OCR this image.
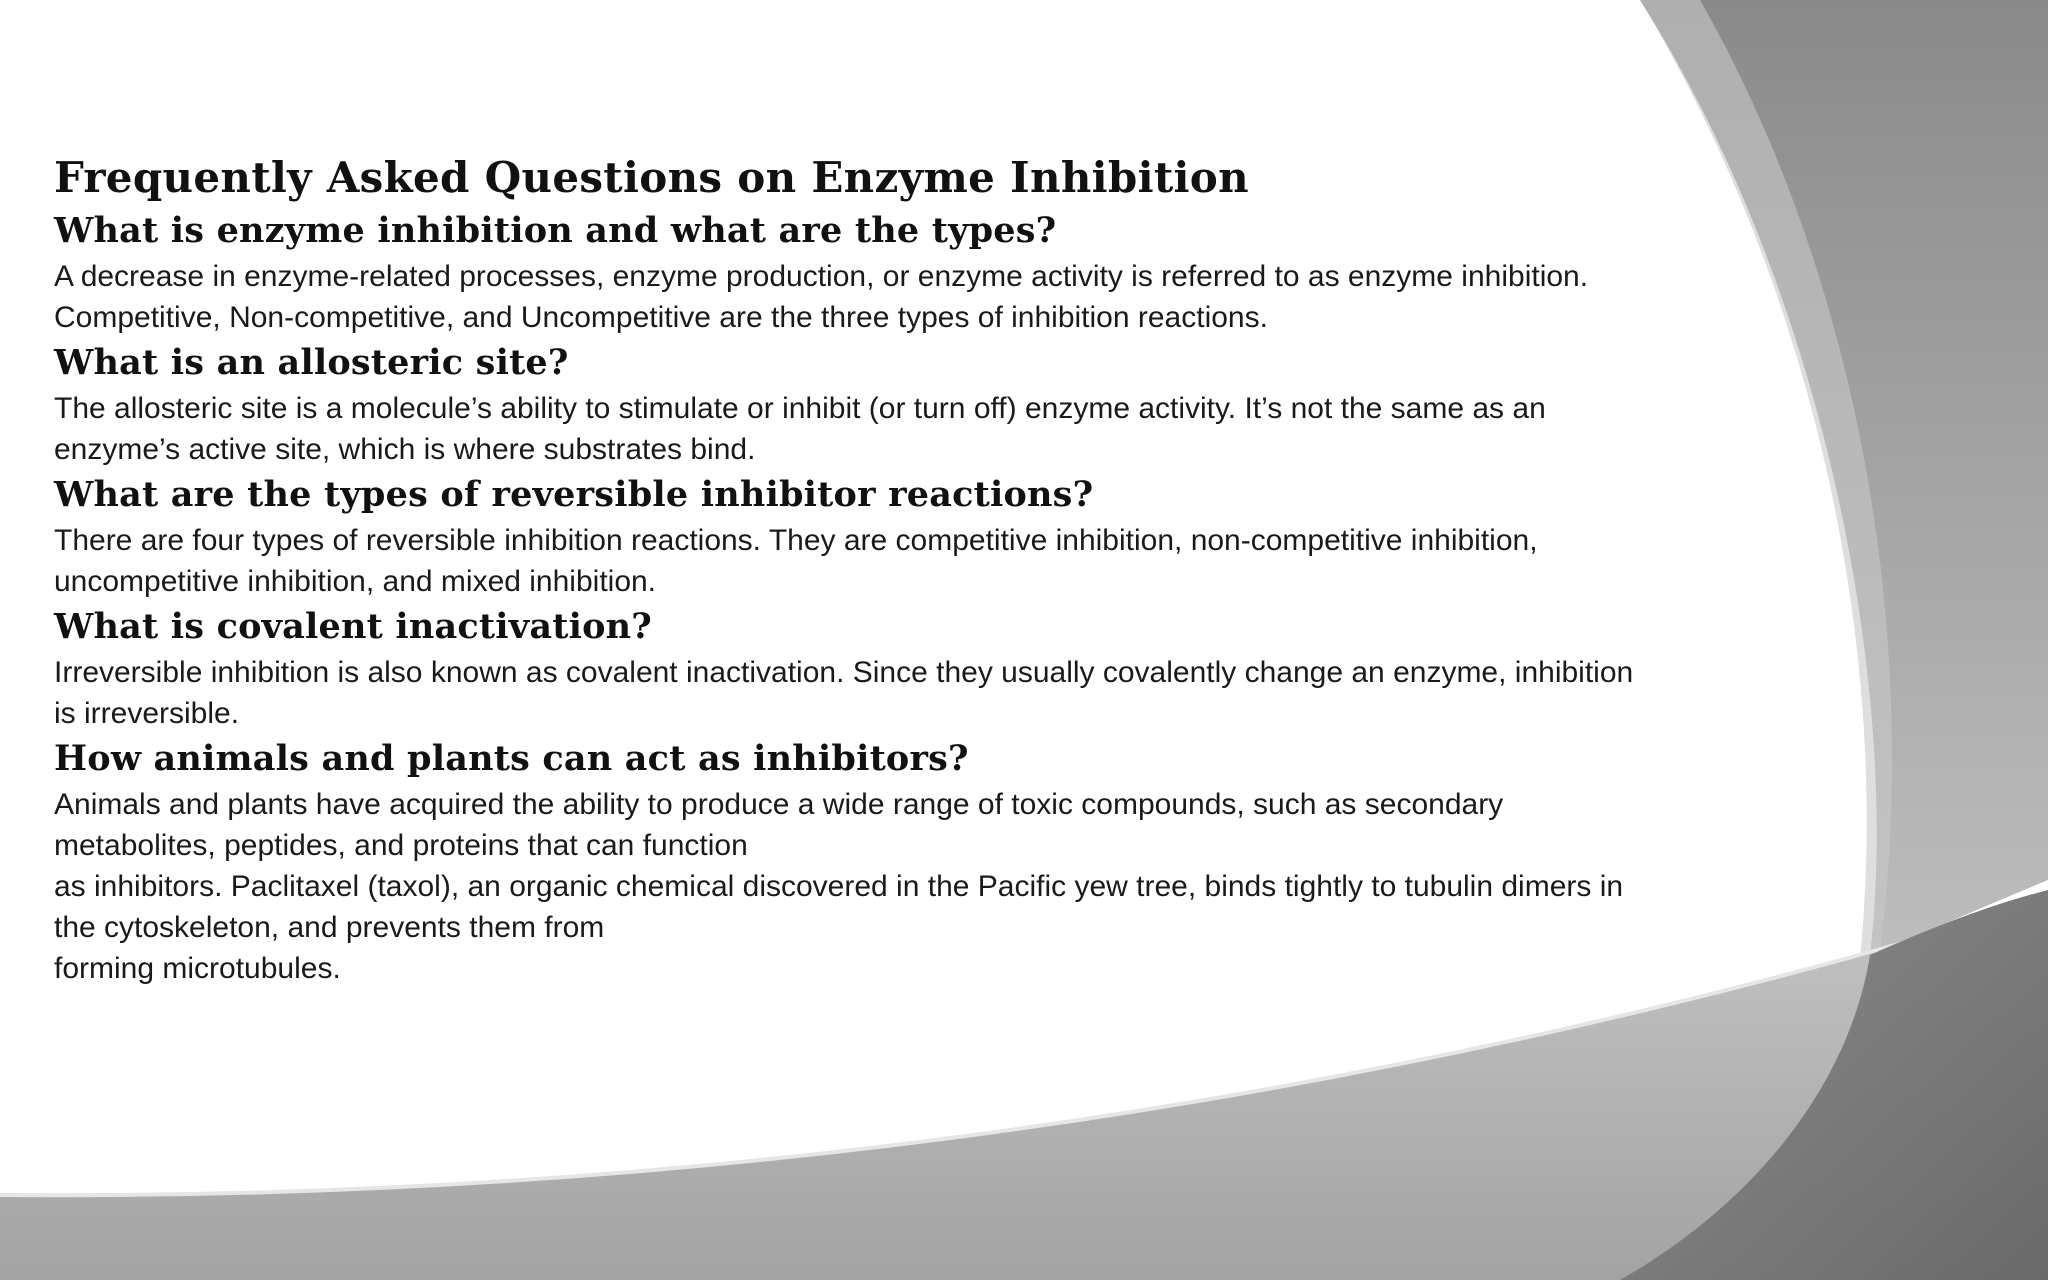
Frequently Asked Questions on Enzyme Inhibition
What is enzyme inhibition and what are the types?

A decrease in enzyme-related processes, enzyme production, or enzyme activity is referred to as enzyme inhibition.
Competitive, Non-competitive, and Uncompetitive are the three types of inhibition reactions.

What is an allosteric site?

The allosteric site is a molecule’s ability to stimulate or inhibit (or turn off) enzyme activity. It’s not the same as an
enzyme’s active site, which is where substrates bind.

What are the types of reversible inhibitor reactions?

There are four types of reversible inhibition reactions. They are competitive inhibition, non-competitive inhibition,
uncompetitive inhibition, and mixed inhibition.

What is covalent inactivation?

Irreversible inhibition is also known as covalent inactivation. Since they usually covalently change an enzyme, inhibition
is irreversible.

How animals and plants can act as inhibitors?

Animals and plants have acquired the ability to produce a wide range of toxic compounds, such as secondary
metabolites, peptides, and proteins that can function
as inhibitors. Paclitaxel (taxol), an organic chemical discovered in the Pacific yew tree, binds tightly to tubulin dimers in
the cytoskeleton, and prevents them from
forming microtubules.
